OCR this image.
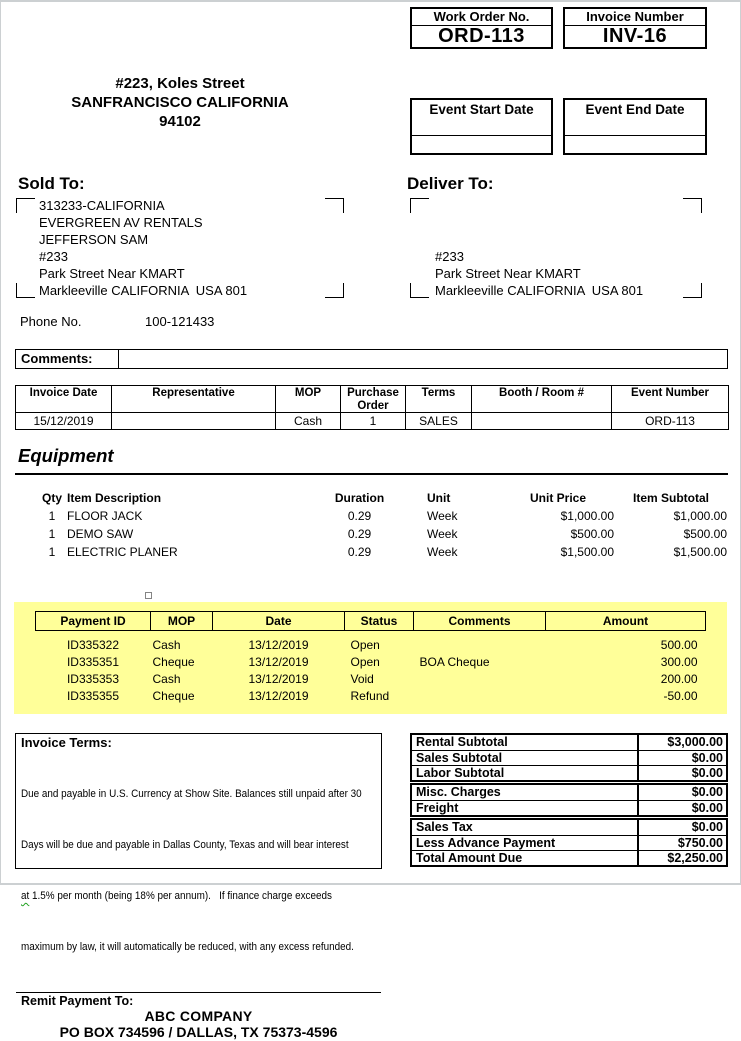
Work Order No.
ORD-113
Invoice Number
INV-16
#223, Koles Street
SANFRANCISCO CALIFORNIA
94102
Event Start Date	Event End Date
Sold To:
313233-CALIFORNIA
EVERGREEN AV RENTALS
JEFFERSON SAM
#233
Park Street Near KMART
Markleeville CALIFORNIA  USA 801
Deliver To:
#233
Park Street Near KMART
Markleeville CALIFORNIA  USA 801
Phone No.	100-121433
Comments:
Invoice Date	Representative	MOP	Purchase Order	Terms	Booth / Room #	Event Number
15/12/2019		Cash	1	SALES		ORD-113
Equipment
Qty	Item Description	Duration	Unit	Unit Price	Item Subtotal
1	FLOOR JACK	0.29	Week	$1,000.00	$1,000.00
1	DEMO SAW	0.29	Week	$500.00	$500.00
1	ELECTRIC PLANER	0.29	Week	$1,500.00	$1,500.00
Payment ID	MOP	Date	Status	Comments	Amount
ID335322	Cash	13/12/2019	Open		500.00
ID335351	Cheque	13/12/2019	Open	BOA Cheque	300.00
ID335353	Cash	13/12/2019	Void		200.00
ID335355	Cheque	13/12/2019	Refund		-50.00
Invoice Terms:

Due and payable in U.S. Currency at Show Site. Balances still unpaid after 30

Days will be due and payable in Dallas County, Texas and will bear interest

at 1.5% per month (being 18% per annum).   If finance charge exceeds

maximum by law, it will automatically be reduced, with any excess refunded.

Remit Payment To:
ABC COMPANY
PO BOX 734596 / DALLAS, TX 75373-4596
Rental Subtotal	$3,000.00
Sales Subtotal	$0.00
Labor Subtotal	$0.00
Misc. Charges	$0.00
Freight	$0.00
Sales Tax	$0.00
Less Advance Payment	$750.00
Total Amount Due	$2,250.00
